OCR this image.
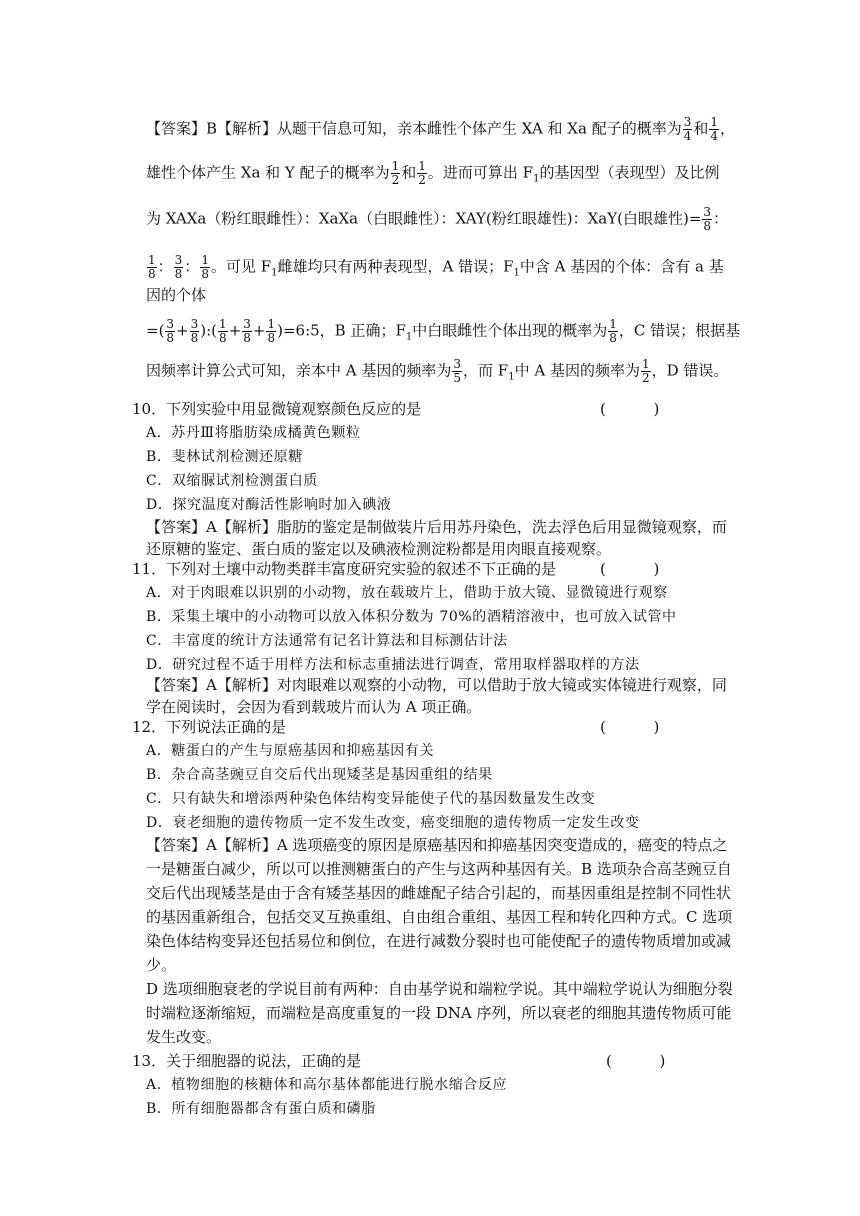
【答案】B【解析】从题干信息可知，亲本雌性个体产生 XA 和 Xa 配子的概率为 $\frac{3}{4}$ 和 $\frac{1}{4}$ ，
雄性个体产生 Xa 和 Y 配子的概率为 $\frac{1}{2}$ 和 $\frac{1}{2}$ 。进而可算出 $F_1$的基因型（表现型）及比例
为 XAXa（粉红眼雌性）：XaXa（白眼雌性）：XAY(粉红眼雄性)：XaY(白眼雄性)= $\frac{3}{8}$ ：
$\frac{1}{8}$ ： $\frac{3}{8}$ ： $\frac{1}{8}$ 。可见 $F_1$雌雄均只有两种表现型，A 错误；$F_1$中含 A 基因的个体：含有 a 基
因的个体
=( $\frac{3}{8} + \frac{3}{8}$ ):( $\frac{1}{8} + \frac{3}{8} + \frac{1}{8}$ )=6:5，B 正确；$F_1$中白眼雌性个体出现的概率为 $\frac{1}{8}$ ，C 错误；根据基
因频率计算公式可知，亲本中 A 基因的频率为 $\frac{3}{5}$ ，而 $F_1$中 A 基因的频率为 $\frac{1}{2}$ ，D 错误。
10．下列实验中用显微镜观察颜色反应的是	(          )
A．苏丹Ⅲ将脂肪染成橘黄色颗粒
B．斐林试剂检测还原糖
C．双缩脲试剂检测蛋白质
D．探究温度对酶活性影响时加入碘液
【答案】A【解析】脂肪的鉴定是制做装片后用苏丹染色，洗去浮色后用显微镜观察，而
还原糖的鉴定、蛋白质的鉴定以及碘液检测淀粉都是用肉眼直接观察。
11．下列对土壤中动物类群丰富度研究实验的叙述不下正确的是	(          )
A．对于肉眼难以识别的小动物，放在载玻片上，借助于放大镜、显微镜进行观察
B．采集土壤中的小动物可以放入体积分数为 70%的酒精溶液中，也可放入试管中
C．丰富度的统计方法通常有记名计算法和目标测估计法
D．研究过程不适于用样方法和标志重捕法进行调查，常用取样器取样的方法
【答案】A【解析】对肉眼难以观察的小动物，可以借助于放大镜或实体镜进行观察，同
学在阅读时，会因为看到载玻片而认为 A 项正确。
12．下列说法正确的是	(          )
A．糖蛋白的产生与原癌基因和抑癌基因有关
B．杂合高茎豌豆自交后代出现矮茎是基因重组的结果
C．只有缺失和增添两种染色体结构变异能使子代的基因数量发生改变
D．衰老细胞的遗传物质一定不发生改变，癌变细胞的遗传物质一定发生改变
【答案】A【解析】A 选项癌变的原因是原癌基因和抑癌基因突变造成的，癌变的特点之
一是糖蛋白减少，所以可以推测糖蛋白的产生与这两种基因有关。B 选项杂合高茎豌豆自
交后代出现矮茎是由于含有矮茎基因的雌雄配子结合引起的，而基因重组是控制不同性状
的基因重新组合，包括交叉互换重组、自由组合重组、基因工程和转化四种方式。C 选项
染色体结构变异还包括易位和倒位，在进行减数分裂时也可能使配子的遗传物质增加或减
少。
D 选项细胞衰老的学说目前有两种：自由基学说和端粒学说。其中端粒学说认为细胞分裂
时端粒逐渐缩短，而端粒是高度重复的一段 DNA 序列，所以衰老的细胞其遗传物质可能
发生改变。
13．关于细胞器的说法，正确的是	(          )
A．植物细胞的核糖体和高尔基体都能进行脱水缩合反应
B．所有细胞器都含有蛋白质和磷脂
